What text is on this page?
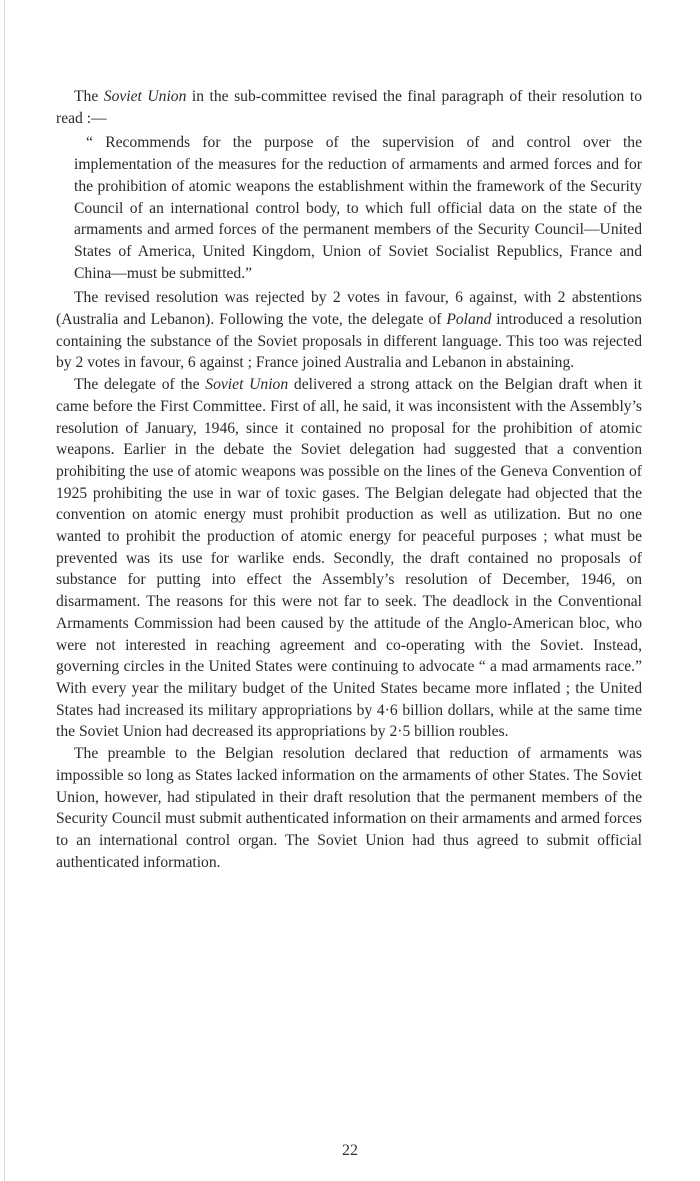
The Soviet Union in the sub-committee revised the final paragraph of their resolution to read :—

“ Recommends for the purpose of the supervision of and control over the implementation of the measures for the reduction of armaments and armed forces and for the prohibition of atomic weapons the establishment within the framework of the Security Council of an international control body, to which full official data on the state of the armaments and armed forces of the permanent members of the Security Council—United States of America, United Kingdom, Union of Soviet Socialist Republics, France and China—must be submitted.”

The revised resolution was rejected by 2 votes in favour, 6 against, with 2 abstentions (Australia and Lebanon). Following the vote, the delegate of Poland introduced a resolution containing the substance of the Soviet proposals in different language. This too was rejected by 2 votes in favour, 6 against ; France joined Australia and Lebanon in abstaining.

The delegate of the Soviet Union delivered a strong attack on the Belgian draft when it came before the First Committee. First of all, he said, it was inconsistent with the Assembly’s resolution of January, 1946, since it contained no proposal for the prohibition of atomic weapons. Earlier in the debate the Soviet delegation had suggested that a convention prohibiting the use of atomic weapons was possible on the lines of the Geneva Convention of 1925 prohibiting the use in war of toxic gases. The Belgian delegate had objected that the convention on atomic energy must prohibit production as well as utilization. But no one wanted to prohibit the production of atomic energy for peaceful purposes ; what must be prevented was its use for warlike ends. Secondly, the draft contained no proposals of substance for putting into effect the Assembly’s resolution of December, 1946, on disarmament. The reasons for this were not far to seek. The deadlock in the Conventional Armaments Commission had been caused by the attitude of the Anglo-American bloc, who were not interested in reaching agreement and co-operating with the Soviet. Instead, governing circles in the United States were continuing to advocate “ a mad armaments race.” With every year the military budget of the United States became more inflated ; the United States had increased its military appropriations by 4·6 billion dollars, while at the same time the Soviet Union had decreased its appropriations by 2·5 billion roubles.

The preamble to the Belgian resolution declared that reduction of armaments was impossible so long as States lacked information on the armaments of other States. The Soviet Union, however, had stipulated in their draft resolution that the permanent members of the Security Council must submit authenticated information on their armaments and armed forces to an international control organ. The Soviet Union had thus agreed to submit official authenticated information.

22
